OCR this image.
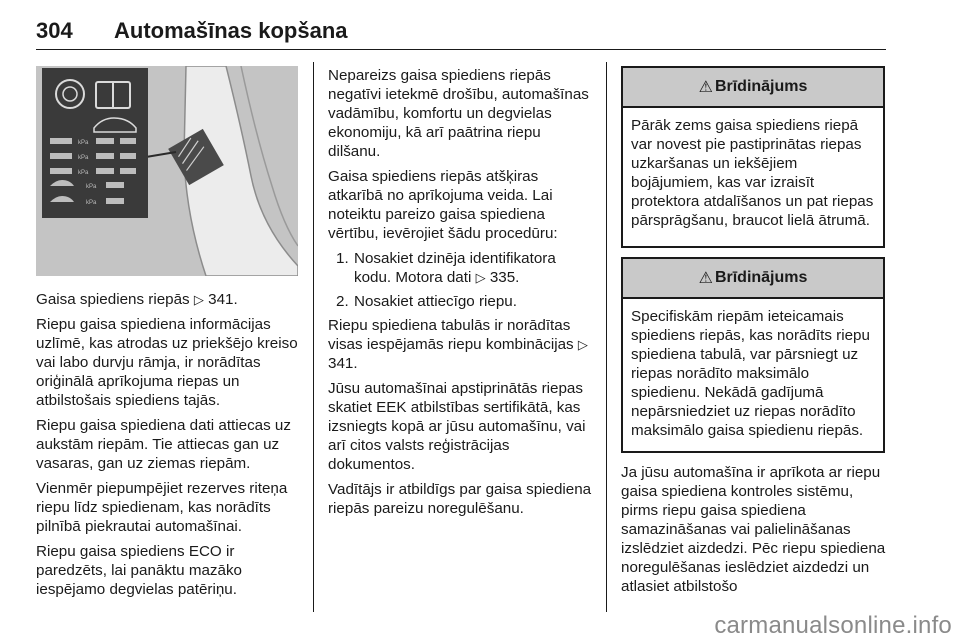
304 Automašīnas kopšana
kPa
kPa
kPa
kPa
kPa

Gaisa spiediens riepās ▷ 341.

Riepu gaisa spiediena informācijas uzlīmē, kas atrodas uz priekšējo kreiso vai labo durvju rāmja, ir norādītas oriģinālā aprīkojuma riepas un atbilstošais spiediens tajās.

Riepu gaisa spiediena dati attiecas uz aukstām riepām. Tie attiecas gan uz vasaras, gan uz ziemas riepām.

Vienmēr piepumpējiet rezerves riteņa riepu līdz spiedienam, kas norādīts pilnībā piekrautai automašīnai.

Riepu gaisa spiediens ECO ir paredzēts, lai panāktu mazāko iespējamo degvielas patēriņu.

Nepareizs gaisa spiediens riepās negatīvi ietekmē drošību, automašīnas vadāmību, komfortu un degvielas ekonomiju, kā arī paātrina riepu dilšanu.

Gaisa spiediens riepās atšķiras atkarībā no aprīkojuma veida. Lai noteiktu pareizo gaisa spiediena vērtību, ievērojiet šādu procedūru:

1. Nosakiet dzinēja identifikatora kodu. Motora dati ▷ 335.
2. Nosakiet attiecīgo riepu.

Riepu spiediena tabulās ir norādītas visas iespējamās riepu kombinācijas ▷ 341.

Jūsu automašīnai apstiprinātās riepas skatiet EEK atbilstības sertifikātā, kas izsniegts kopā ar jūsu automašīnu, vai arī citos valsts reģistrācijas dokumentos.

Vadītājs ir atbildīgs par gaisa spiediena riepās pareizu noregulēšanu.

⚠ Brīdinājums
Pārāk zems gaisa spiediens riepā var novest pie pastiprinātas riepas uzkaršanas un iekšējiem bojājumiem, kas var izraisīt protektora atdalīšanos un pat riepas pārsprāgšanu, braucot lielā ātrumā.
⚠ Brīdinājums
Specifiskām riepām ieteicamais spiediens riepās, kas norādīts riepu spiediena tabulā, var pārsniegt uz riepas norādīto maksimālo spiedienu. Nekādā gadījumā nepārsniedziet uz riepas norādīto maksimālo gaisa spiedienu riepās.

Ja jūsu automašīna ir aprīkota ar riepu gaisa spiediena kontroles sistēmu, pirms riepu gaisa spiediena samazināšanas vai palielināšanas izslēdziet aizdedzi. Pēc riepu spiediena noregulēšanas ieslēdziet aizdedzi un atlasiet atbilstošo

carmanualsonline.info
